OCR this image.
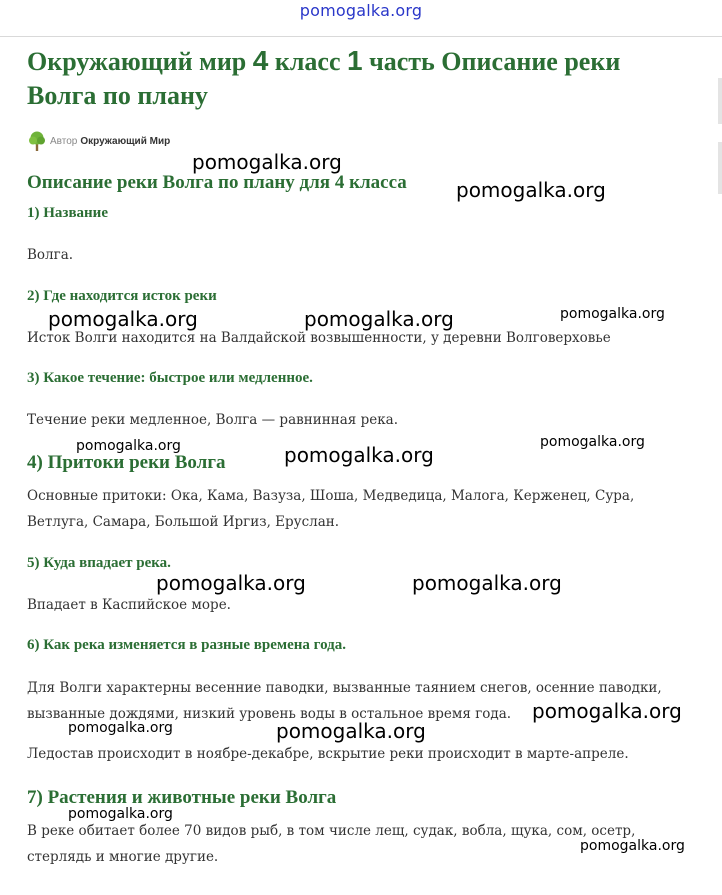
pomogalka.org
Окружающий мир 4 класс 1 часть Описание реки Волга по плану
Автор Окружающий Мир
Описание реки Волга по плану для 4 класса
1) Название

Волга.

2) Где находится исток реки

Исток Волги находится на Валдайской возвышенности, у деревни Волговерховье

3) Какое течение: быстрое или медленное.

Течение реки медленное, Волга — равнинная река.

4) Притоки реки Волга

Основные притоки: Ока, Кама, Вазуза, Шоша, Медведица, Малога, Керженец, Сура, Ветлуга, Самара, Большой Иргиз, Еруслан.

5) Куда впадает река.

Впадает в Каспийское море.

6) Как река изменяется в разные времена года.

Для Волги характерны весенние паводки, вызванные таянием снегов, осенние паводки, вызванные дождями, низкий уровень воды в остальное время года.

Ледостав происходит в ноябре-декабре, вскрытие реки происходит в марте-апреле.

7) Растения и животные реки Волга

В реке обитает более 70 видов рыб, в том числе лещ, судак, вобла, щука, сом, осетр, стерлядь и многие другие.

pomogalka.org
pomogalka.org
pomogalka.org	pomogalka.org	pomogalka.org
pomogalka.org	pomogalka.org
pomogalka.org
pomogalka.org	pomogalka.org
pomogalka.org
pomogalka.org	pomogalka.org
pomogalka.org
pomogalka.org
